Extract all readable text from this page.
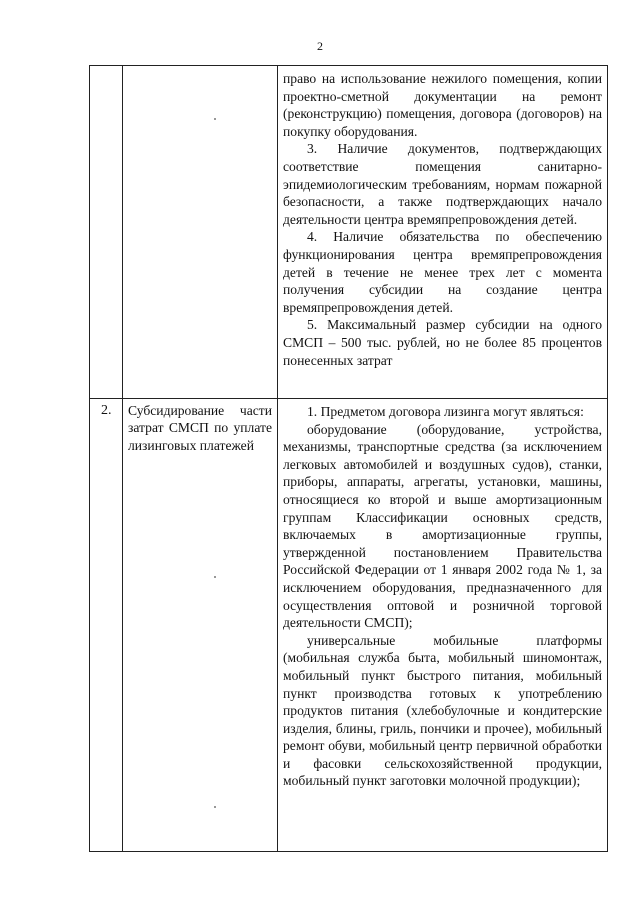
2

		право на использование нежилого помещения, копии проектно-сметной документации на ремонт (реконструкцию) помещения, договора (договоров) на покупку оборудования.

3. Наличие документов, подтверждающих соответствие помещения санитарно-эпидемиологическим требованиям, нормам пожарной безопасности, а также подтверждающих начало деятельности центра времяпрепровождения детей.

4. Наличие обязательства по обеспечению функционирования центра времяпрепровождения детей в течение не менее трех лет с момента получения субсидии на создание центра времяпрепровождения детей.

5. Максимальный размер субсидии на одного СМСП – 500 тыс. рублей, но не более 85 процентов понесенных затрат

2.	Субсидирование части затрат СМСП по уплате лизинговых платежей	1. Предметом договора лизинга могут являться:

оборудование (оборудование, устройства, механизмы, транспортные средства (за исключением легковых автомобилей и воздушных судов), станки, приборы, аппараты, агрегаты, установки, машины, относящиеся ко второй и выше амортизационным группам Классификации основных средств, включаемых в амортизационные группы, утвержденной постановлением Правительства Российской Федерации от 1 января 2002 года № 1, за исключением оборудования, предназначенного для осуществления оптовой и розничной торговой деятельности СМСП);

универсальные мобильные платформы (мобильная служба быта, мобильный шиномонтаж, мобильный пункт быстрого питания, мобильный пункт производства готовых к употреблению продуктов питания (хлебобулочные и кондитерские изделия, блины, гриль, пончики и прочее), мобильный ремонт обуви, мобильный центр первичной обработки и фасовки сельскохозяйственной продукции, мобильный пункт заготовки молочной продукции);
